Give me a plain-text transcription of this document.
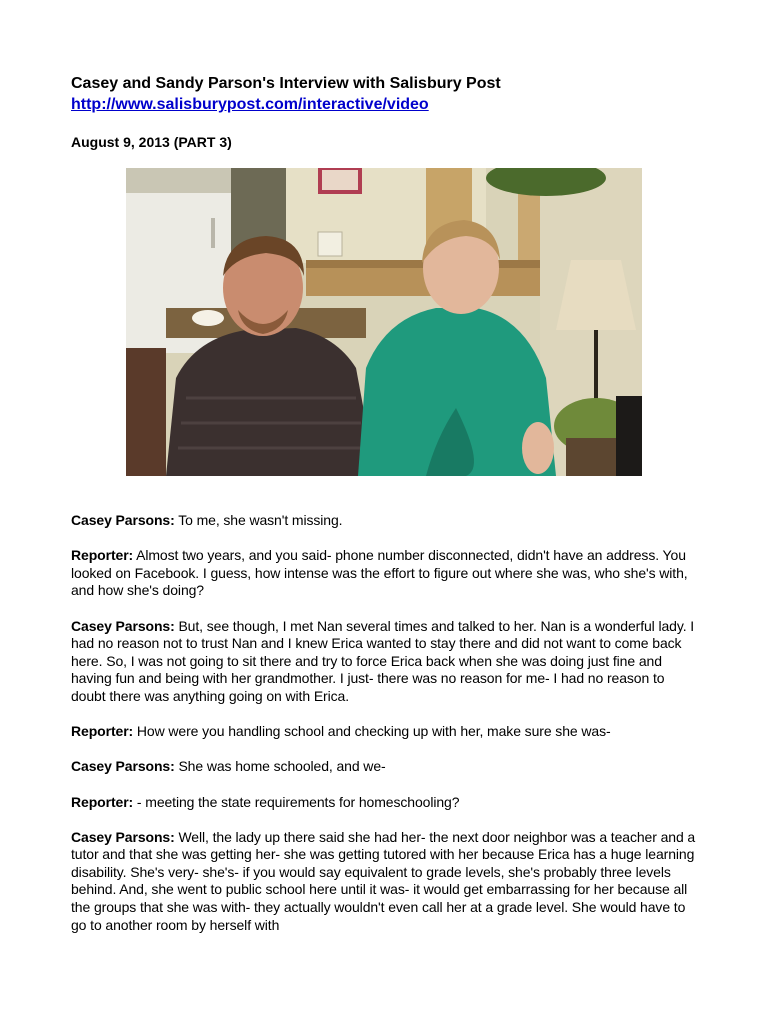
Casey and Sandy Parson's Interview with Salisbury Post
http://www.salisburypost.com/interactive/video
August 9, 2013 (PART 3)

Casey Parsons: To me, she wasn't missing.

Reporter: Almost two years, and you said- phone number disconnected, didn't have an address. You looked on Facebook. I guess, how intense was the effort to figure out where she was, who she's with, and how she's doing?

Casey Parsons: But, see though, I met Nan several times and talked to her. Nan is a wonderful lady. I had no reason not to trust Nan and I knew Erica wanted to stay there and did not want to come back here. So, I was not going to sit there and try to force Erica back when she was doing just fine and having fun and being with her grandmother. I just- there was no reason for me- I had no reason to doubt there was anything going on with Erica.

Reporter: How were you handling school and checking up with her, make sure she was-

Casey Parsons: She was home schooled, and we-

Reporter: - meeting the state requirements for homeschooling?

Casey Parsons: Well, the lady up there said she had her- the next door neighbor was a teacher and a tutor and that she was getting her- she was getting tutored with her because Erica has a huge learning disability. She's very- she's- if you would say equivalent to grade levels, she's probably three levels behind. And, she went to public school here until it was- it would get embarrassing for her because all the groups that she was with- they actually wouldn't even call her at a grade level. She would have to go to another room by herself with
